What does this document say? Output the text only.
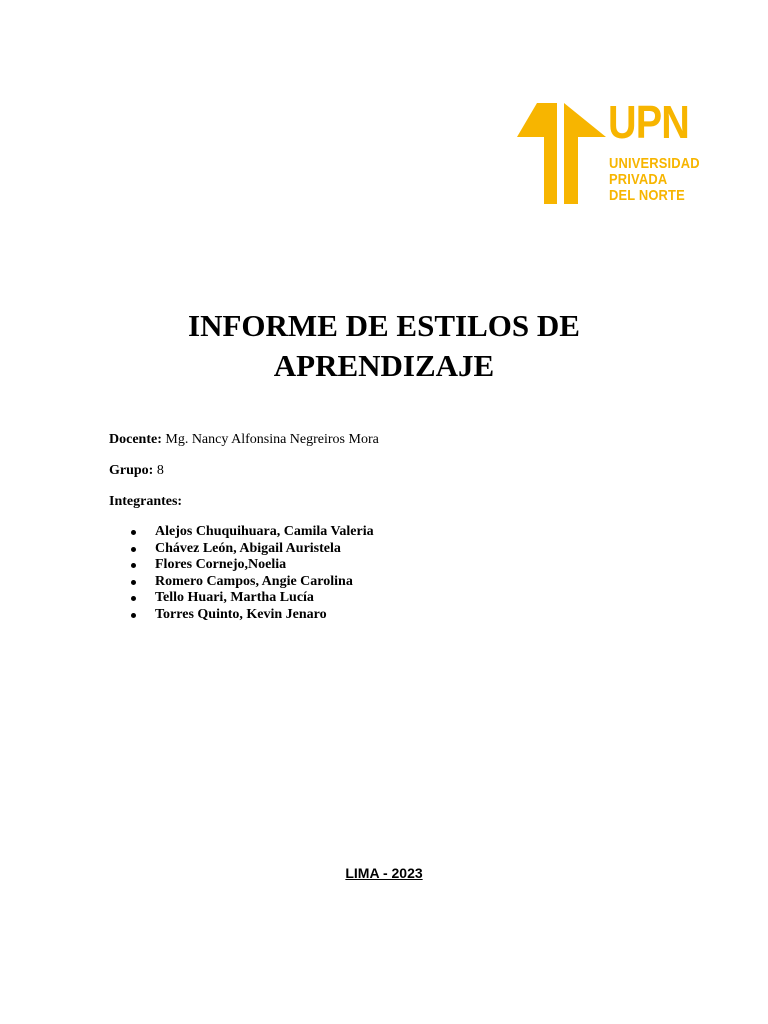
UPN
UNIVERSIDAD
PRIVADA
DEL NORTE
INFORME DE ESTILOS DE
APRENDIZAJE
Docente: Mg. Nancy Alfonsina Negreiros Mora
Grupo: 8
Integrantes:
Alejos Chuquihuara, Camila Valeria
Chávez León, Abigail Auristela
Flores Cornejo,Noelia
Romero Campos, Angie Carolina
Tello Huari, Martha Lucía
Torres Quinto, Kevin Jenaro
LIMA - 2023
